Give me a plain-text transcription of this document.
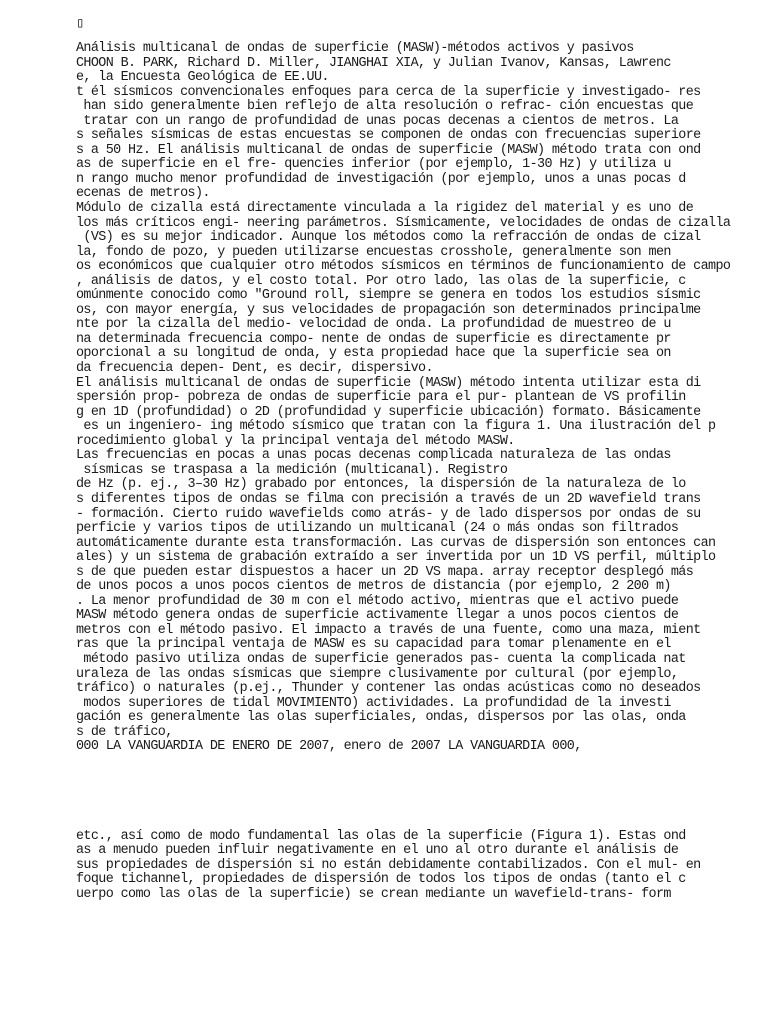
▯
Análisis multicanal de ondas de superficie (MASW)-métodos activos y pasivos
CHOON B. PARK, Richard D. Miller, JIANGHAI XIA, y Julian Ivanov, Kansas, Lawrenc
e, la Encuesta Geológica de EE.UU.
t él sísmicos convencionales enfoques para cerca de la superficie y investigado- res
han sido generalmente bien reflejo de alta resolución o refrac- ción encuestas que
tratar con un rango de profundidad de unas pocas decenas a cientos de metros. La
s señales sísmicas de estas encuestas se componen de ondas con frecuencias superiore
s a 50 Hz. El análisis multicanal de ondas de superficie (MASW) método trata con ond
as de superficie en el fre- quencies inferior (por ejemplo, 1-30 Hz) y utiliza u
n rango mucho menor profundidad de investigación (por ejemplo, unos a unas pocas d
ecenas de metros).
Módulo de cizalla está directamente vinculada a la rigidez del material y es uno de
los más críticos engi- neering parámetros. Sísmicamente, velocidades de ondas de cizalla
(VS) es su mejor indicador. Aunque los métodos como la refracción de ondas de cizal
la, fondo de pozo, y pueden utilizarse encuestas crosshole, generalmente son men
os económicos que cualquier otro métodos sísmicos en términos de funcionamiento de campo
, análisis de datos, y el costo total. Por otro lado, las olas de la superficie, c
omúnmente conocido como "Ground roll, siempre se genera en todos los estudios sísmic
os, con mayor energía, y sus velocidades de propagación son determinados principalme
nte por la cizalla del medio- velocidad de onda. La profundidad de muestreo de u
na determinada frecuencia compo- nente de ondas de superficie es directamente pr
oporcional a su longitud de onda, y esta propiedad hace que la superficie sea on
da frecuencia depen- Dent, es decir, dispersivo.
El análisis multicanal de ondas de superficie (MASW) método intenta utilizar esta di
spersión prop- pobreza de ondas de superficie para el pur- plantean de VS profilin
g en 1D (profundidad) o 2D (profundidad y superficie ubicación) formato. Básicamente
es un ingeniero- ing método sísmico que tratan con la figura 1. Una ilustración del p
rocedimiento global y la principal ventaja del método MASW.
Las frecuencias en pocas a unas pocas decenas complicada naturaleza de las ondas
sísmicas se traspasa a la medición (multicanal). Registro
de Hz (p. ej., 3–30 Hz) grabado por entonces, la dispersión de la naturaleza de lo
s diferentes tipos de ondas se filma con precisión a través de un 2D wavefield trans
- formación. Cierto ruido wavefields como atrás- y de lado dispersos por ondas de su
perficie y varios tipos de utilizando un multicanal (24 o más ondas son filtrados
automáticamente durante esta transformación. Las curvas de dispersión son entonces can
ales) y un sistema de grabación extraído a ser invertida por un 1D VS perfil, múltiplo
s de que pueden estar dispuestos a hacer un 2D VS mapa. array receptor desplegó más
de unos pocos a unos pocos cientos de metros de distancia (por ejemplo, 2 200 m)
. La menor profundidad de 30 m con el método activo, mientras que el activo puede
MASW método genera ondas de superficie activamente llegar a unos pocos cientos de
metros con el método pasivo. El impacto a través de una fuente, como una maza, mient
ras que la principal ventaja de MASW es su capacidad para tomar plenamente en el
método pasivo utiliza ondas de superficie generados pas- cuenta la complicada nat
uraleza de las ondas sísmicas que siempre clusivamente por cultural (por ejemplo,
tráfico) o naturales (p.ej., Thunder y contener las ondas acústicas como no deseados
modos superiores de tidal MOVIMIENTO) actividades. La profundidad de la investi
gación es generalmente las olas superficiales, ondas, dispersos por las olas, onda
s de tráfico,
000 LA VANGUARDIA DE ENERO DE 2007, enero de 2007 LA VANGUARDIA 000,
etc., así como de modo fundamental las olas de la superficie (Figura 1). Estas ond
as a menudo pueden influir negativamente en el uno al otro durante el análisis de
sus propiedades de dispersión si no están debidamente contabilizados. Con el mul- en
foque tichannel, propiedades de dispersión de todos los tipos de ondas (tanto el c
uerpo como las olas de la superficie) se crean mediante un wavefield-trans- form
